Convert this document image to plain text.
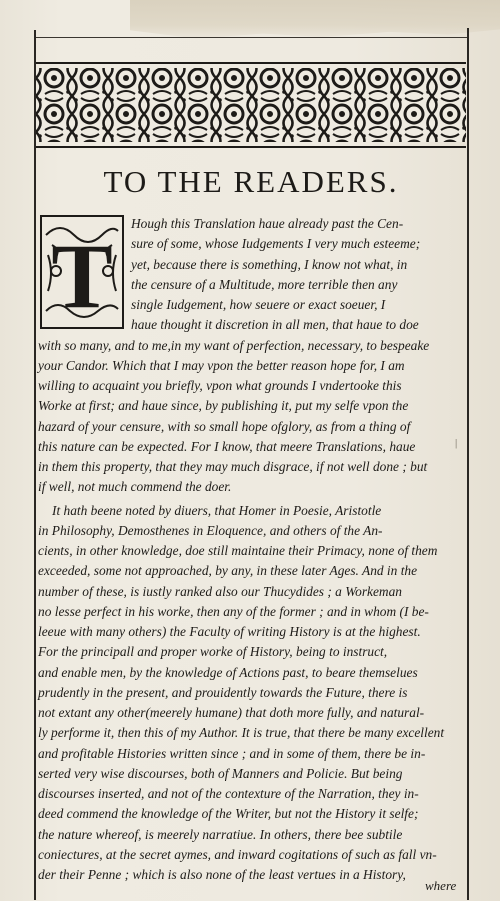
TO THE READERS.
T
Hough this Translation haue already past the Cen-
sure of some, whose Iudgements I very much esteeme;
yet, because there is something, I know not what, in
the censure of a Multitude, more terrible then any
single Iudgement, how seuere or exact soeuer, I
haue thought it discretion in all men, that haue to doe
with so many, and to me,in my want of perfection, necessary, to bespeake
your Candor. Which that I may vpon the better reason hope for, I am
willing to acquaint you briefly, vpon what grounds I vndertooke this
Worke at first; and haue since, by publishing it, put my selfe vpon the
hazard of your censure, with so small hope ofglory, as from a thing of
this nature can be expected. For I know, that meere Translations, haue
in them this property, that they may much disgrace, if not well done ; but
if well, not much commend the doer.
It hath beene noted by diuers, that Homer in Poesie, Aristotle
in Philosophy, Demosthenes in Eloquence, and others of the An-
cients, in other knowledge, doe still maintaine their Primacy, none of them
exceeded, some not approached, by any, in these later Ages. And in the
number of these, is iustly ranked also our Thucydides ; a Workeman
no lesse perfect in his worke, then any of the former ; and in whom (I be-
leeue with many others) the Faculty of writing History is at the highest.
For the principall and proper worke of History, being to instruct,
and enable men, by the knowledge of Actions past, to beare themselues
prudently in the present, and prouidently towards the Future, there is
not extant any other(meerely humane) that doth more fully, and natural-
ly performe it, then this of my Author. It is true, that there be many excellent
and profitable Histories written since ; and in some of them, there be in-
serted very wise discourses, both of Manners and Policie. But being
discourses inserted, and not of the contexture of the Narration, they in-
deed commend the knowledge of the Writer, but not the History it selfe;
the nature whereof, is meerely narratiue. In others, there bee subtile
coniectures, at the secret aymes, and inward cogitations of such as fall vn-
der their Penne ; which is also none of the least vertues in a History,
|
where
